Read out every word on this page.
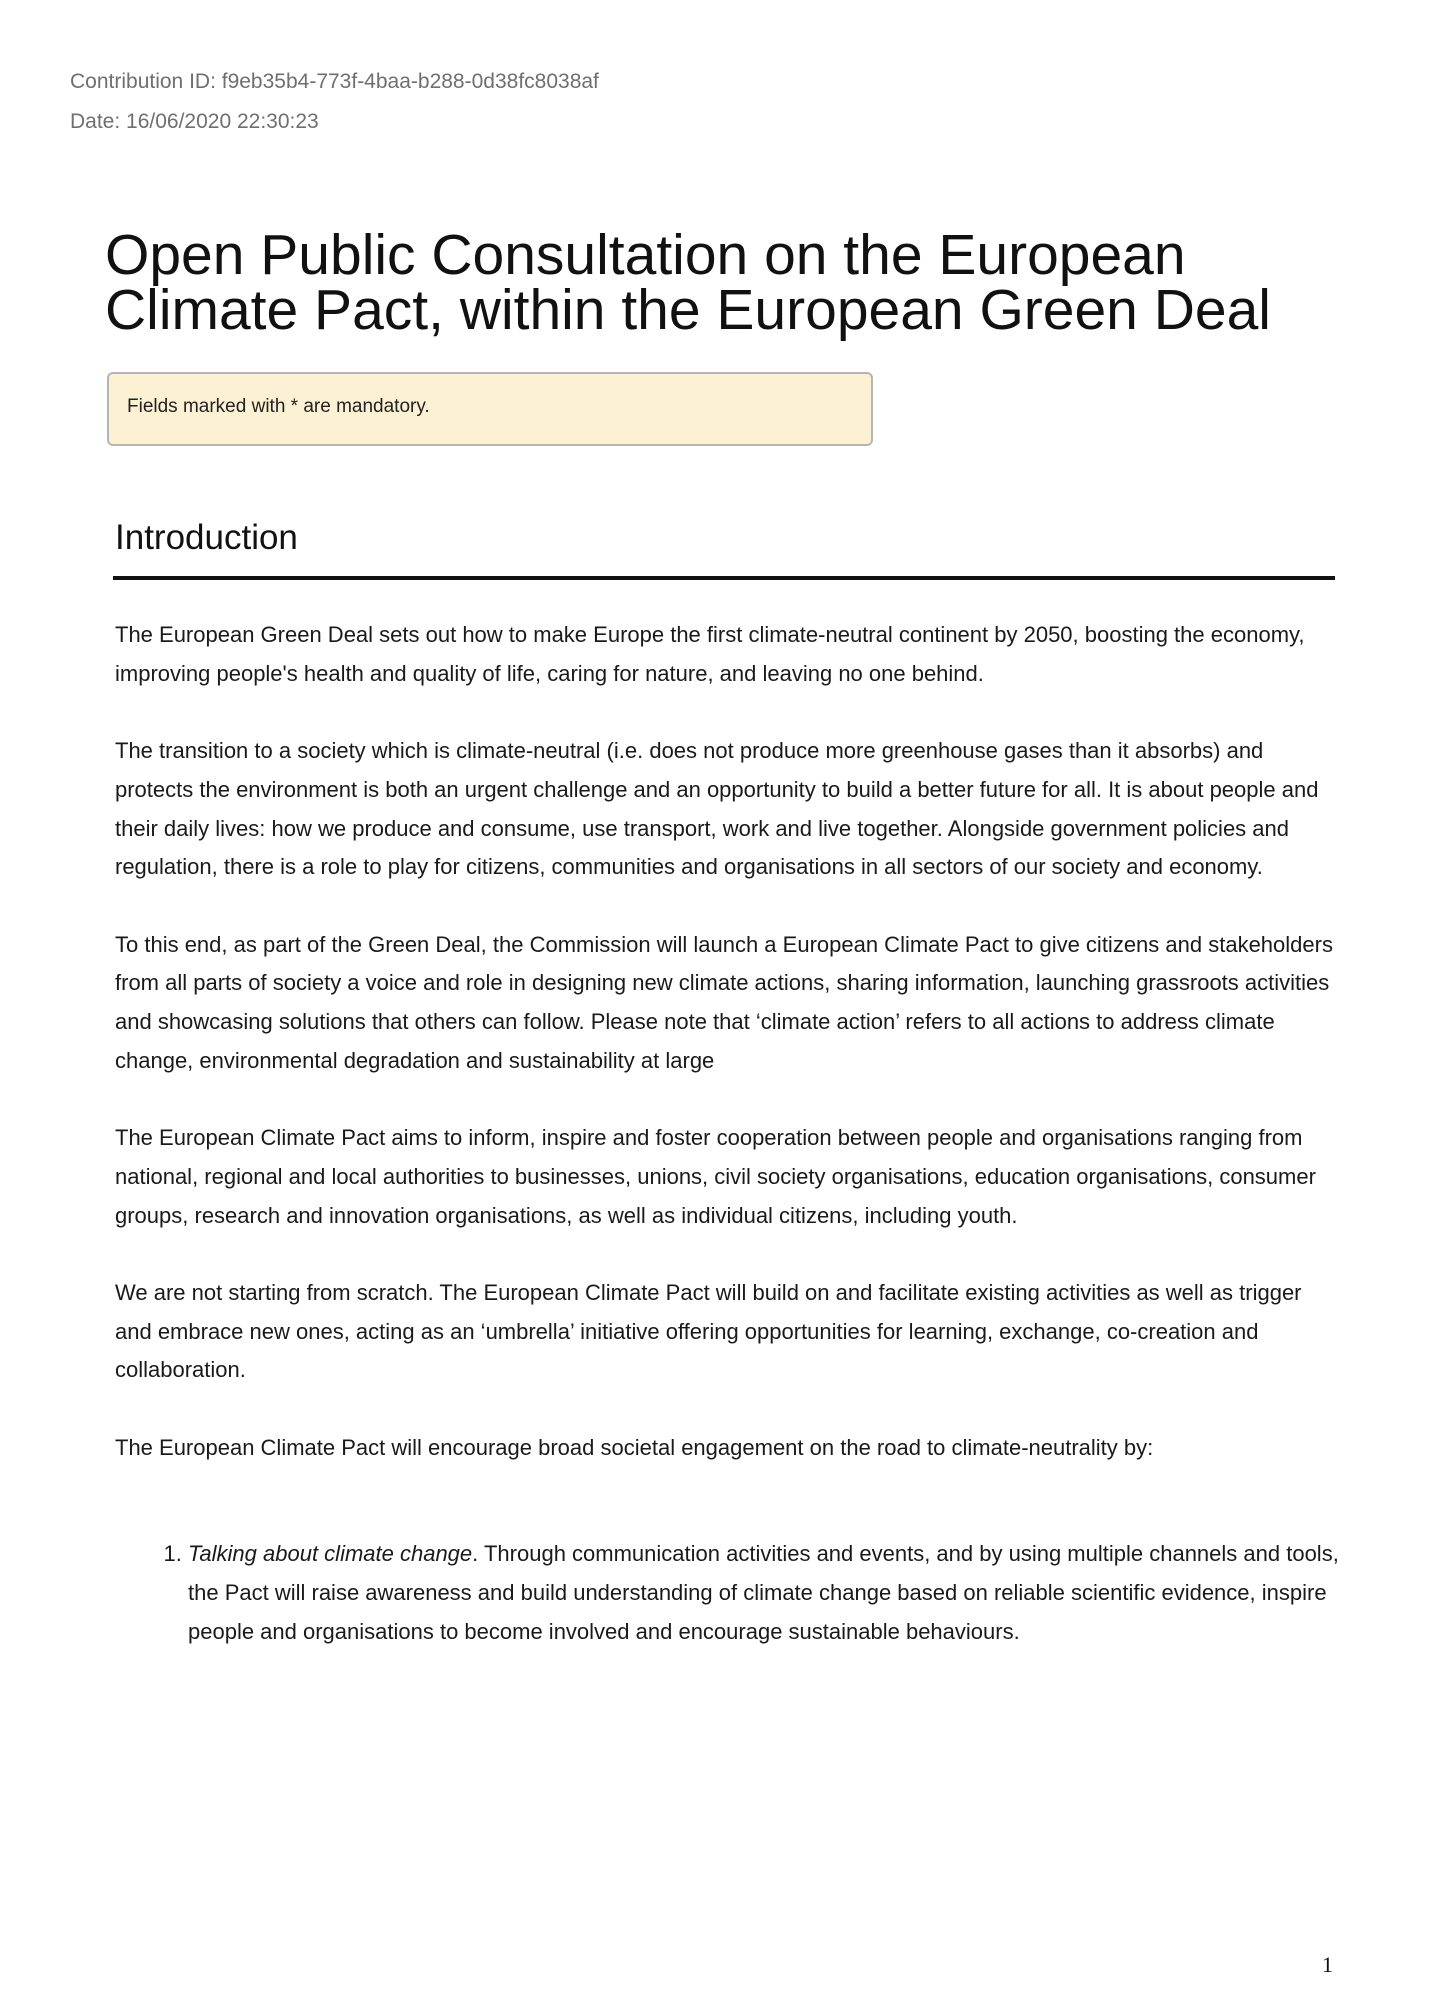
Contribution ID: f9eb35b4-773f-4baa-b288-0d38fc8038af
Date: 16/06/2020 22:30:23
Open Public Consultation on the European
Climate Pact, within the European Green Deal
Fields marked with * are mandatory.
Introduction

The European Green Deal sets out how to make Europe the first climate-neutral continent by 2050, boosting the economy, improving people's health and quality of life, caring for nature, and leaving no one behind.

The transition to a society which is climate-neutral (i.e. does not produce more greenhouse gases than it absorbs) and protects the environment is both an urgent challenge and an opportunity to build a better future for all. It is about people and their daily lives: how we produce and consume, use transport, work and live together. Alongside government policies and regulation, there is a role to play for citizens, communities and organisations in all sectors of our society and economy.

To this end, as part of the Green Deal, the Commission will launch a European Climate Pact to give citizens and stakeholders from all parts of society a voice and role in designing new climate actions, sharing information, launching grassroots activities and showcasing solutions that others can follow. Please note that ‘climate action’ refers to all actions to address climate change, environmental degradation and sustainability at large

The European Climate Pact aims to inform, inspire and foster cooperation between people and organisations ranging from national, regional and local authorities to businesses, unions, civil society organisations, education organisations, consumer groups, research and innovation organisations, as well as individual citizens, including youth.

We are not starting from scratch. The European Climate Pact will build on and facilitate existing activities as well as trigger and embrace new ones, acting as an ‘umbrella’ initiative offering opportunities for learning, exchange, co-creation and collaboration.

The European Climate Pact will encourage broad societal engagement on the road to climate-neutrality by:

1. Talking about climate change. Through communication activities and events, and by using multiple channels and tools, the Pact will raise awareness and build understanding of climate change based on reliable scientific evidence, inspire people and organisations to become involved and encourage sustainable behaviours.
1
